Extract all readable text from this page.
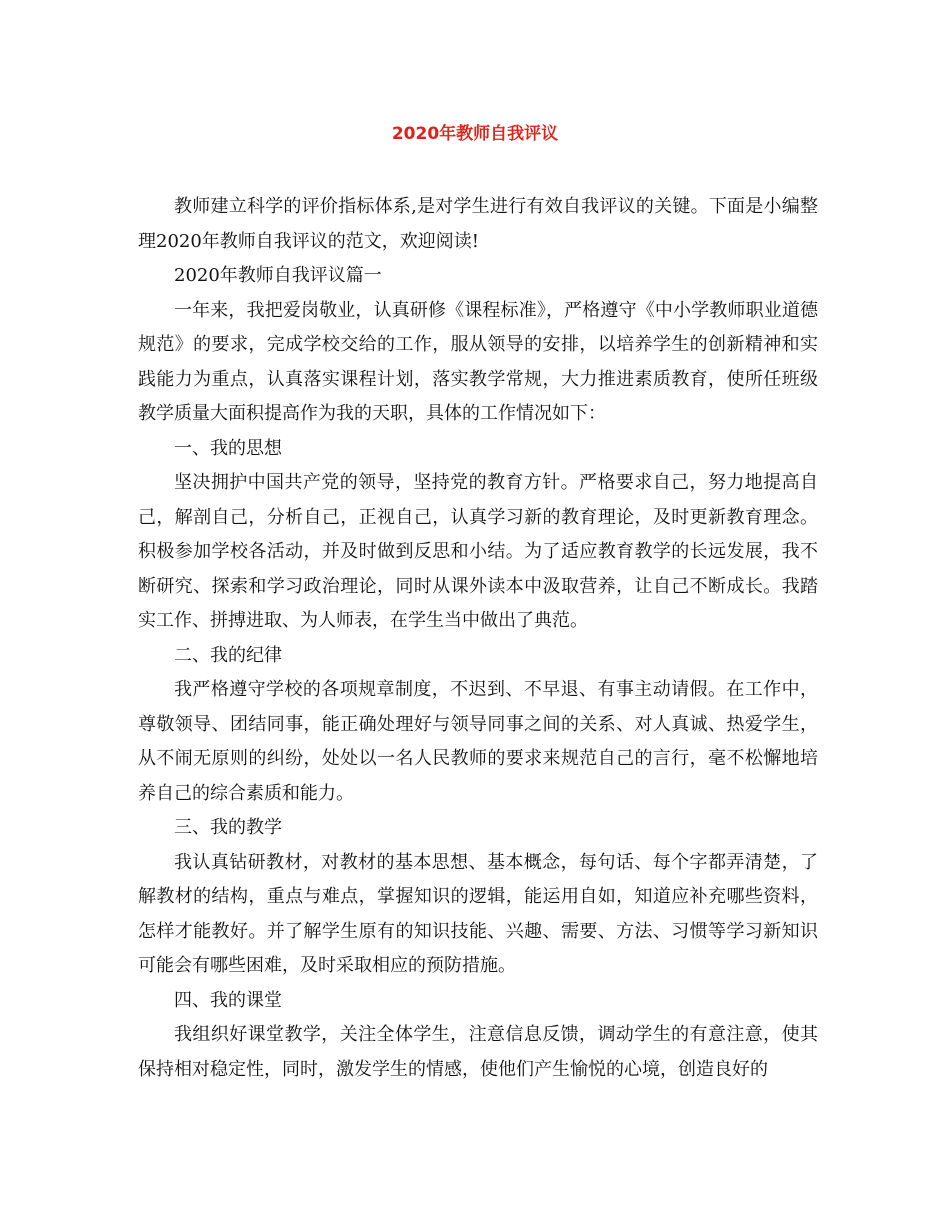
2020年教师自我评议

教师建立科学的评价指标体系,是对学生进行有效自我评议的关键。下面是小编整理2020年教师自我评议的范文，欢迎阅读!

2020年教师自我评议篇一

一年来，我把爱岗敬业，认真研修《课程标准》，严格遵守《中小学教师职业道德规范》的要求，完成学校交给的工作，服从领导的安排，以培养学生的创新精神和实践能力为重点，认真落实课程计划，落实教学常规，大力推进素质教育，使所任班级教学质量大面积提高作为我的天职，具体的工作情况如下：

一、我的思想

坚决拥护中国共产党的领导，坚持党的教育方针。严格要求自己，努力地提高自己，解剖自己，分析自己，正视自己，认真学习新的教育理论，及时更新教育理念。积极参加学校各活动，并及时做到反思和小结。为了适应教育教学的长远发展，我不断研究、探索和学习政治理论，同时从课外读本中汲取营养，让自己不断成长。我踏实工作、拼搏进取、为人师表，在学生当中做出了典范。

二、我的纪律

我严格遵守学校的各项规章制度，不迟到、不早退、有事主动请假。在工作中，尊敬领导、团结同事，能正确处理好与领导同事之间的关系、对人真诚、热爱学生，从不闹无原则的纠纷，处处以一名人民教师的要求来规范自己的言行，毫不松懈地培养自己的综合素质和能力。

三、我的教学

我认真钻研教材，对教材的基本思想、基本概念，每句话、每个字都弄清楚，了解教材的结构，重点与难点，掌握知识的逻辑，能运用自如，知道应补充哪些资料，怎样才能教好。并了解学生原有的知识技能、兴趣、需要、方法、习惯等学习新知识可能会有哪些困难，及时采取相应的预防措施。

四、我的课堂

我组织好课堂教学，关注全体学生，注意信息反馈，调动学生的有意注意，使其保持相对稳定性，同时，激发学生的情感，使他们产生愉悦的心境，创造良好的
